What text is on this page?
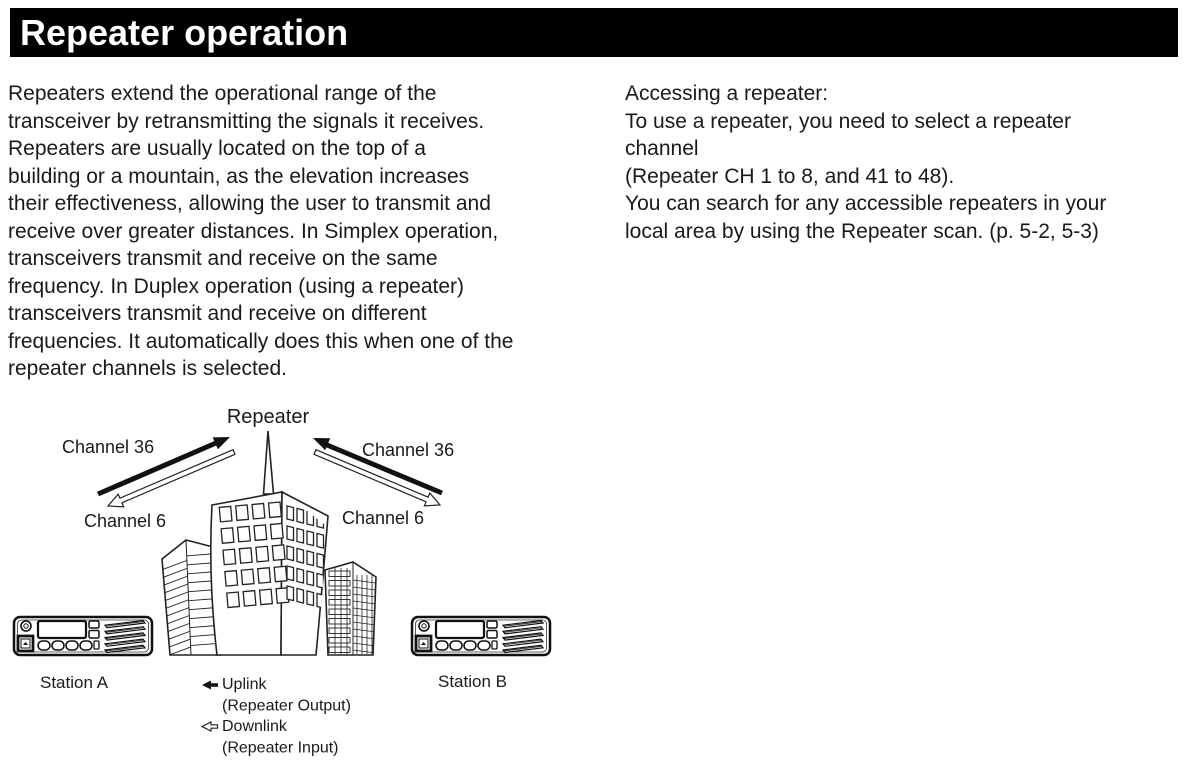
Repeater operation
Repeaters extend the operational range of the
transceiver by retransmitting the signals it receives.
Repeaters are usually located on the top of a
building or a mountain, as the elevation increases
their effectiveness, allowing the user to transmit and
receive over greater distances. In Simplex operation,
transceivers transmit and receive on the same
frequency. In Duplex operation (using a repeater)
transceivers transmit and receive on different
frequencies. It automatically does this when one of the
repeater channels is selected.
Accessing a repeater:
To use a repeater, you need to select a repeater
channel
(Repeater CH 1 to 8, and 41 to 48).
You can search for any accessible repeaters in your
local area by using the Repeater scan. (p. 5-2, 5-3)
Repeater
Channel 36	Channel 36
Channel 6	Channel 6
Station A	Station B
Uplink
(Repeater Output)
Downlink
(Repeater Input)
